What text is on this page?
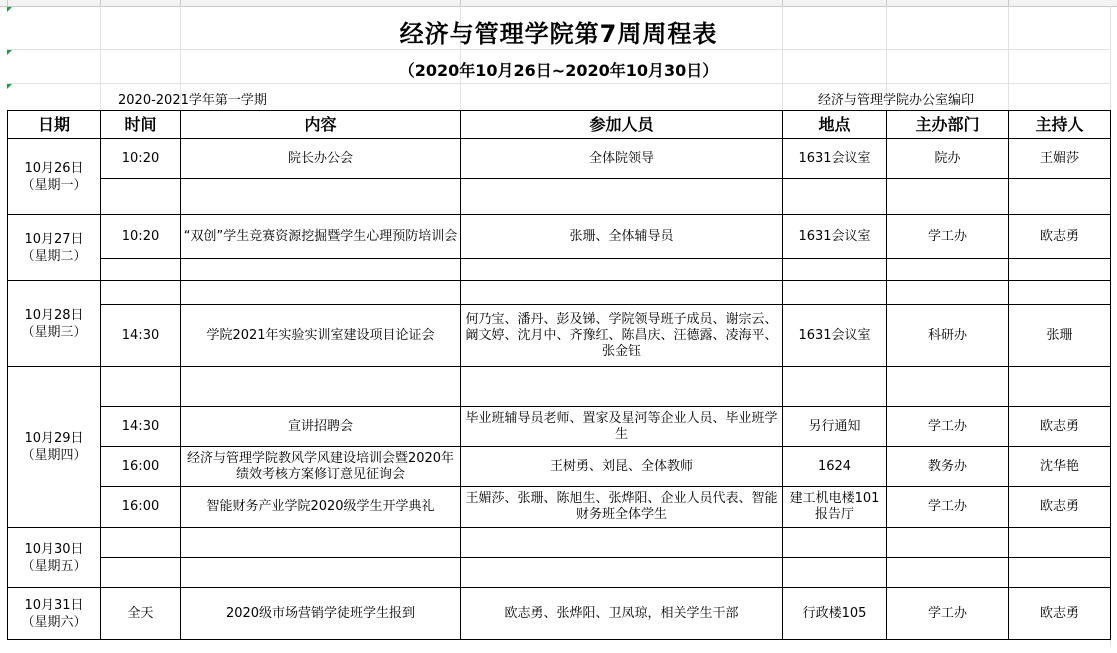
经济与管理学院第7周周程表
（2020年10月26日~2020年10月30日）
2020-2021学年第一学期	经济与管理学院办公室编印
日期	时间	内容	参加人员	地点	主办部门	主持人
10月26日
（星期一）	10:20	院长办公会	全体院领导	1631会议室	院办	王媚莎

10月27日
（星期二）	10:20	“双创”学生竞赛资源挖掘暨学生心理预防培训会	张珊、全体辅导员	1631会议室	学工办	欧志勇

10月28日
（星期三）						
	14:30	学院2021年实验实训室建设项目论证会	何乃宝、潘丹、彭及锑、学院领导班子成员、谢宗云、阚文婷、沈月中、齐豫红、陈昌庆、汪德露、凌海平、张金钰	1631会议室	科研办	张珊
10月29日
（星期四）						
	14:30	宣讲招聘会	毕业班辅导员老师、置家及星河等企业人员、毕业班学生	另行通知	学工办	欧志勇
	16:00	经济与管理学院教风学风建设培训会暨2020年绩效考核方案修订意见征询会	王树勇、刘昆、全体教师	1624	教务办	沈华艳
	16:00	智能财务产业学院2020级学生开学典礼	王媚莎、张珊、陈旭生、张烨阳、企业人员代表、智能财务班全体学生	建工机电楼101报告厅	学工办	欧志勇
10月30日
（星期五）						

10月31日
（星期六）	全天	2020级市场营销学徒班学生报到	欧志勇、张烨阳、卫凤琼，相关学生干部	行政楼105	学工办	欧志勇
